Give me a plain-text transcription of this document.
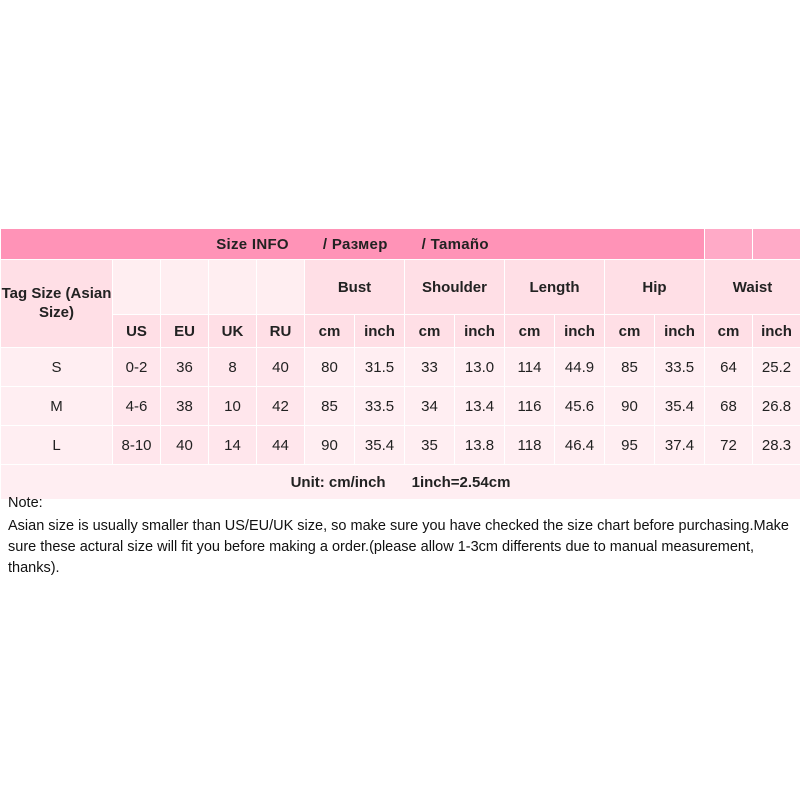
Size INFO / Размер / Tamaño														

Tag Size (Asian Size)					Bust		Shoulder		Length		Hip		Waist	
	US	EU	UK	RU	cm	inch	cm	inch	cm	inch	cm	inch	cm	inch
S	0-2	36	8	40	80	31.5	33	13.0	114	44.9	85	33.5	64	25.2
M	4-6	38	10	42	85	33.5	34	13.4	116	45.6	90	35.4	68	26.8
L	8-10	40	14	44	90	35.4	35	13.8	118	46.4	95	37.4	72	28.3

Unit: cm/inch 1inch=2.54cm														

Note:

Asian size is usually smaller than US/EU/UK size, so make sure you have checked the size chart before purchasing.Make sure these actural size will fit you before making a order.(please allow 1-3cm differents due to manual measurement, thanks).
